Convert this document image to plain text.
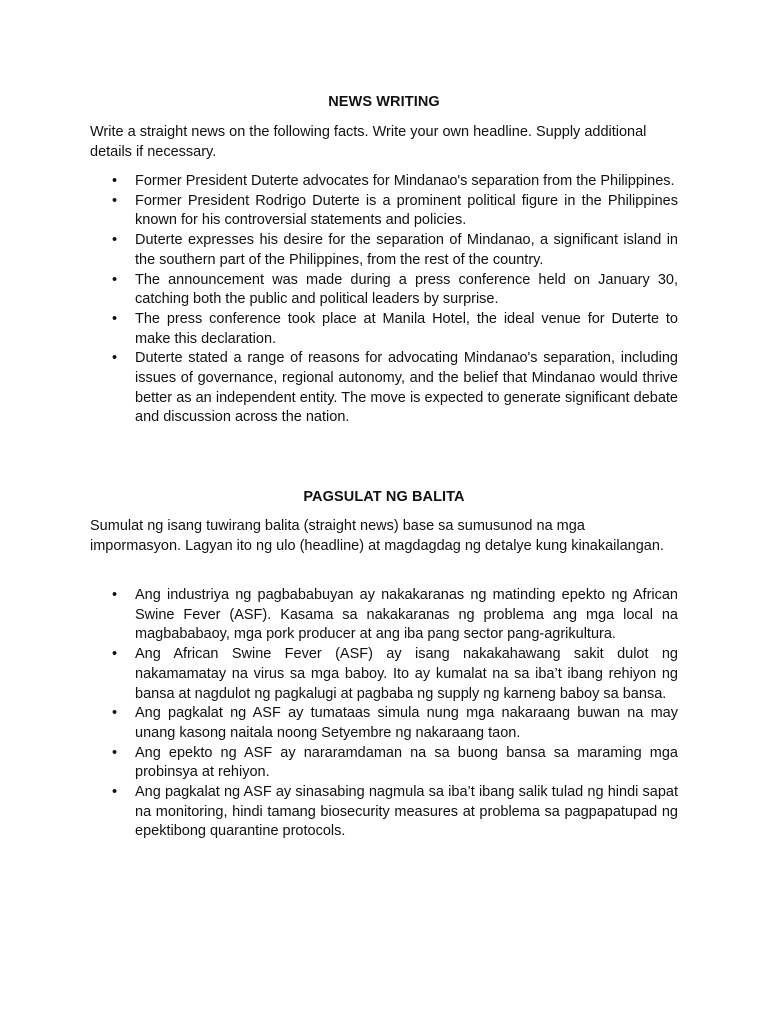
NEWS WRITING

Write a straight news on the following facts. Write your own headline. Supply additional details if necessary.

• Former President Duterte advocates for Mindanao's separation from the Philippines.
• Former President Rodrigo Duterte is a prominent political figure in the Philippines known for his controversial statements and policies.
• Duterte expresses his desire for the separation of Mindanao, a significant island in the southern part of the Philippines, from the rest of the country.
• The announcement was made during a press conference held on January 30, catching both the public and political leaders by surprise.
• The press conference took place at Manila Hotel, the ideal venue for Duterte to make this declaration.
• Duterte stated a range of reasons for advocating Mindanao's separation, including issues of governance, regional autonomy, and the belief that Mindanao would thrive better as an independent entity. The move is expected to generate significant debate and discussion across the nation.

PAGSULAT NG BALITA

Sumulat ng isang tuwirang balita (straight news) base sa sumusunod na mga impormasyon. Lagyan ito ng ulo (headline) at magdagdag ng detalye kung kinakailangan.

• Ang industriya ng pagbababuyan ay nakakaranas ng matinding epekto ng African Swine Fever (ASF). Kasama sa nakakaranas ng problema ang mga local na magbababaoy, mga pork producer at ang iba pang sector pang-agrikultura.
• Ang African Swine Fever (ASF) ay isang nakakahawang sakit dulot ng nakamamatay na virus sa mga baboy. Ito ay kumalat na sa iba’t ibang rehiyon ng bansa at nagdulot ng pagkalugi at pagbaba ng supply ng karneng baboy sa bansa.
• Ang pagkalat ng ASF ay tumataas simula nung mga nakaraang buwan na may unang kasong naitala noong Setyembre ng nakaraang taon.
• Ang epekto ng ASF ay nararamdaman na sa buong bansa sa maraming mga probinsya at rehiyon.
• Ang pagkalat ng ASF ay sinasabing nagmula sa iba’t ibang salik tulad ng hindi sapat na monitoring, hindi tamang biosecurity measures at problema sa pagpapatupad ng epektibong quarantine protocols.
